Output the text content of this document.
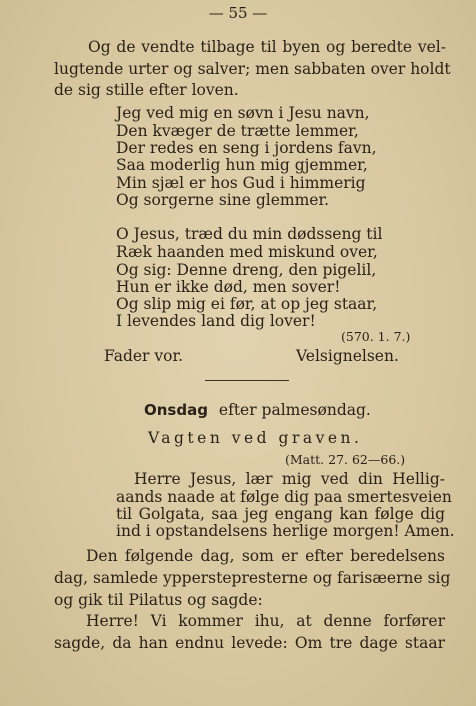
— 55 —
Og de vendte tilbage til byen og beredte vel-
lugtende urter og salver; men sabbaten over holdt
de sig stille efter loven.
Jeg ved mig en søvn i Jesu navn,
Den kvæger de trætte lemmer,
Der redes en seng i jordens favn,
Saa moderlig hun mig gjemmer,
Min sjæl er hos Gud i himmerig
Og sorgerne sine glemmer.
O Jesus, træd du min dødsseng til
Ræk haanden med miskund over,
Og sig: Denne dreng, den pigelil,
Hun er ikke død, men sover!
Og slip mig ei før, at op jeg staar,
I levendes land dig lover!
(570. 1. 7.)
Fader vor.	Velsignelsen.
Onsdag efter palmesøndag.
Vagten ved graven.
(Matt. 27. 62—66.)
Herre Jesus, lær mig ved din Hellig-
aands naade at følge dig paa smertesveien
til Golgata, saa jeg engang kan følge dig
ind i opstandelsens herlige morgen! Amen.
Den følgende dag, som er efter beredelsens
dag, samlede ypperstepresterne og farisæerne sig
og gik til Pilatus og sagde:
Herre! Vi kommer ihu, at denne forfører
sagde, da han endnu levede: Om tre dage staar
